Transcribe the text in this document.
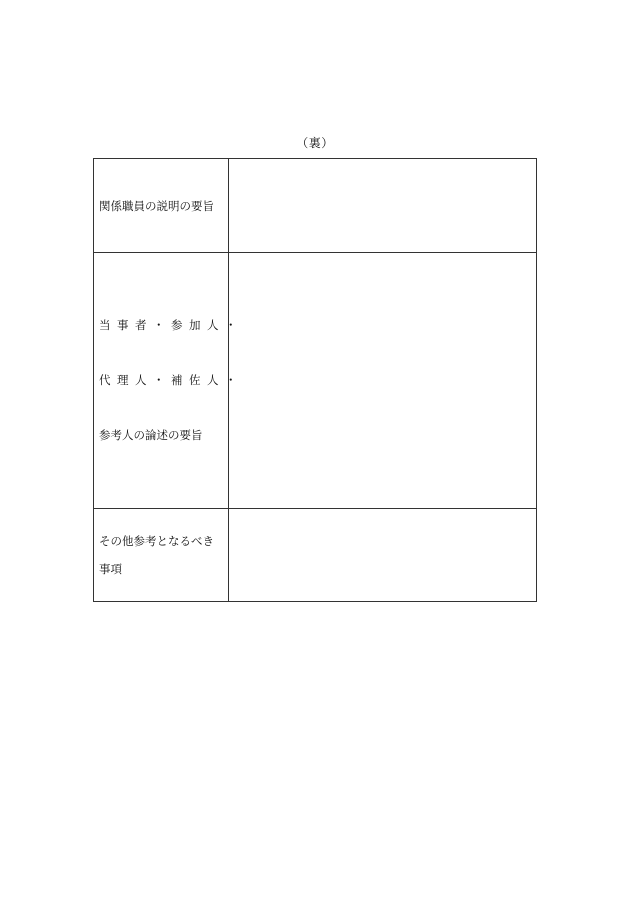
（裏）
関係職員の説明の要旨	

当事者・参加人・
代理人・補佐人・
参考人の論述の要旨	

その他参考となるべき
事項	
